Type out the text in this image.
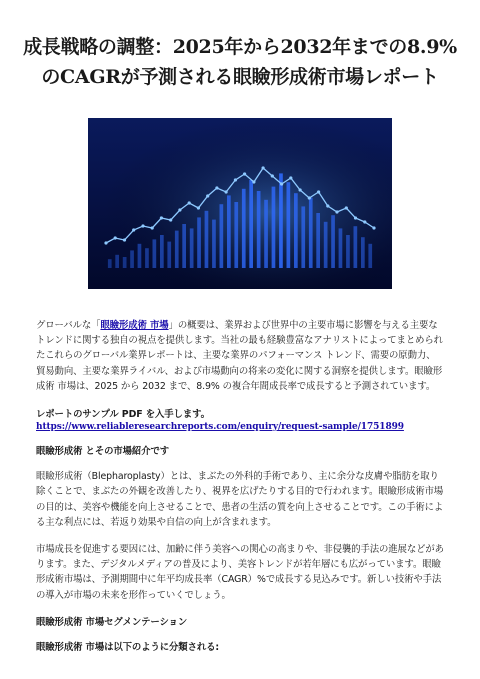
成長戦略の調整：2025年から2032年までの8.9%のCAGRが予測される眼瞼形成術市場レポート

グローバルな「眼瞼形成術 市場」の概要は、業界および世界中の主要市場に影響を与える主要なトレンドに関する独自の視点を提供します。当社の最も経験豊富なアナリストによってまとめられたこれらのグローバル業界レポートは、主要な業界のパフォーマンス トレンド、需要の原動力、貿易動向、主要な業界ライバル、および市場動向の将来の変化に関する洞察を提供します。眼瞼形成術 市場は、2025 から 2032 まで、8.9% の複合年間成長率で成長すると予測されています。

レポートのサンプル PDF を入手します。

https://www.reliableresearchreports.com/enquiry/request-sample/1751899

眼瞼形成術 とその市場紹介です

眼瞼形成術（Blepharoplasty）とは、まぶたの外科的手術であり、主に余分な皮膚や脂肪を取り除くことで、まぶたの外観を改善したり、視界を広げたりする目的で行われます。眼瞼形成術市場の目的は、美容や機能を向上させることで、患者の生活の質を向上させることです。この手術による主な利点には、若返り効果や自信の向上が含まれます。

市場成長を促進する要因には、加齢に伴う美容への関心の高まりや、非侵襲的手法の進展などがあります。また、デジタルメディアの普及により、美容トレンドが若年層にも広がっています。眼瞼形成術市場は、予測期間中に年平均成長率（CAGR）%で成長する見込みです。新しい技術や手法の導入が市場の未来を形作っていくでしょう。

眼瞼形成術 市場セグメンテーション

眼瞼形成術 市場は以下のように分類される:
